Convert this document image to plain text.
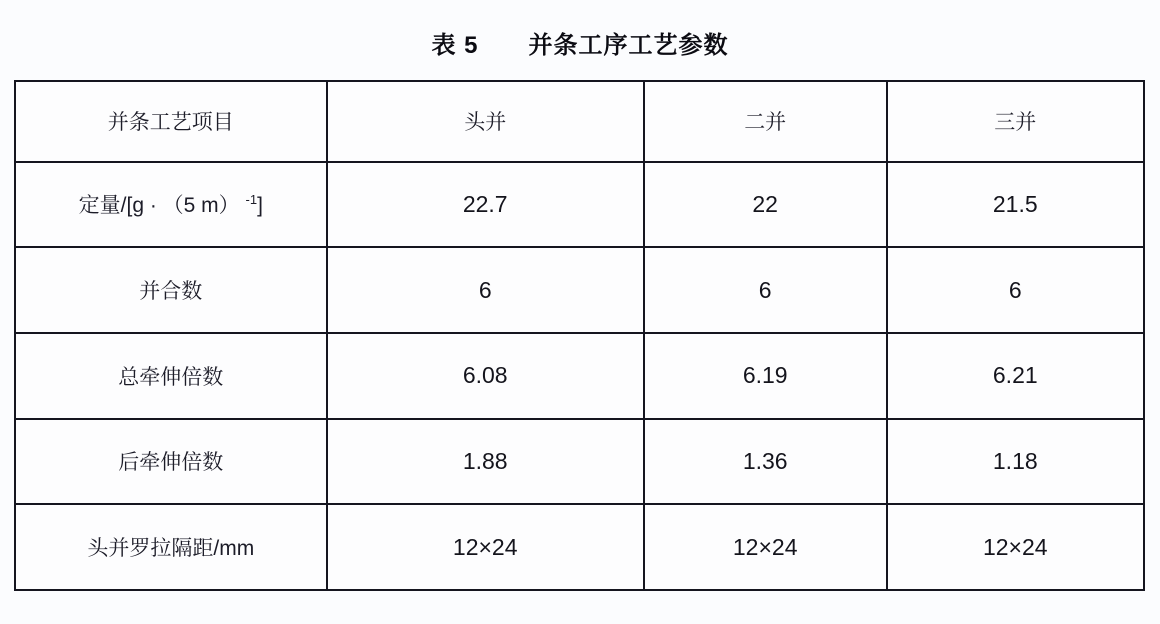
表 5　　并条工序工艺参数
并条工艺项目	头并	二并	三并
定量/[g · （5 m） $^{-1}$]	22.7	22	21.5
并合数	6	6	6
总牵伸倍数	6.08	6.19	6.21
后牵伸倍数	1.88	1.36	1.18
头并罗拉隔距/mm	12×24	12×24	12×24
